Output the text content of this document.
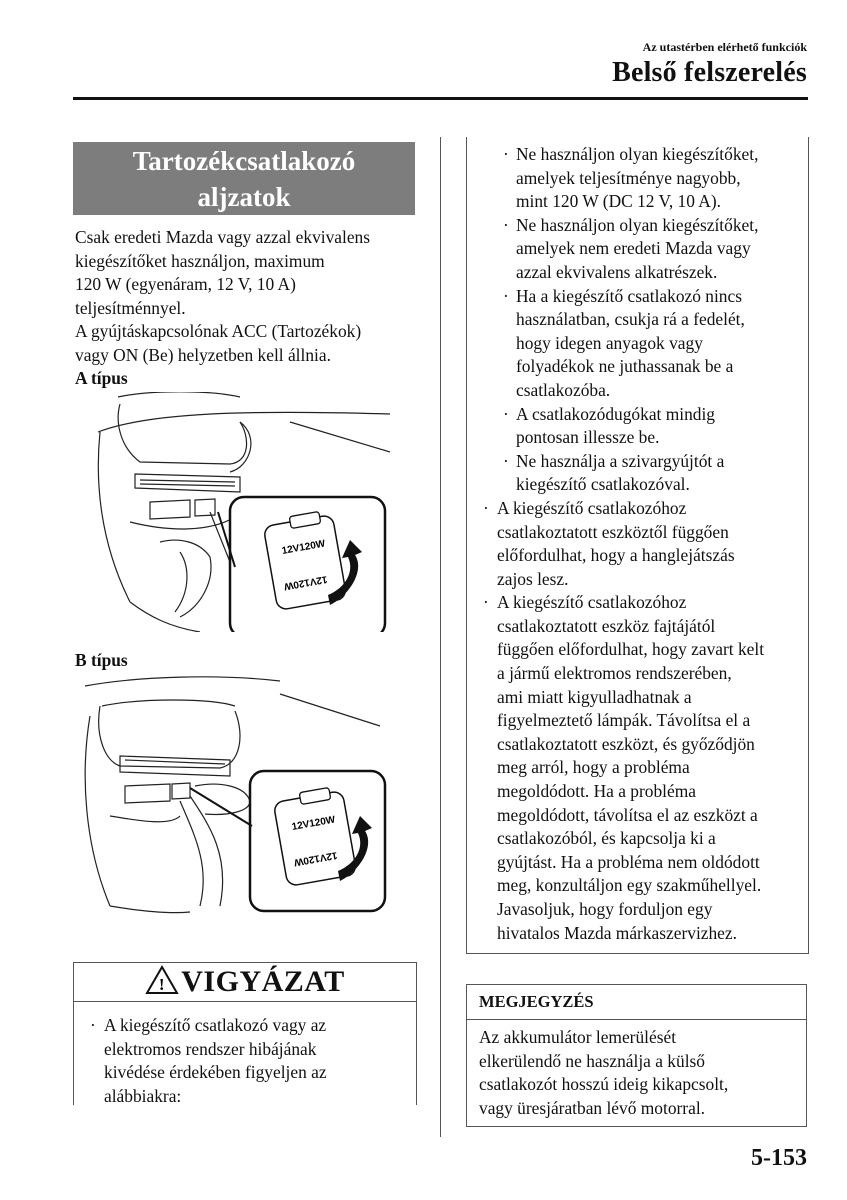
Az utastérben elérhető funkciók
Belső felszerelés
Tartozékcsatlakozó
aljzatok
Csak eredeti Mazda vagy azzal ekvivalens
kiegészítőket használjon, maximum
120 W (egyenáram, 12 V, 10 A)
teljesítménnyel.
A gyújtáskapcsolónak ACC (Tartozékok)
vagy ON (Be) helyzetben kell állnia.
A típus
12V120W
12V120W
B típus
12V120W
12V120W
! VIGYÁZAT
· A kiegészítő csatlakozó vagy az
elektromos rendszer hibájának
kivédése érdekében figyeljen az
alábbiakra:
· Ne használjon olyan kiegészítőket,
amelyek teljesítménye nagyobb,
mint 120 W (DC 12 V, 10 A).
· Ne használjon olyan kiegészítőket,
amelyek nem eredeti Mazda vagy
azzal ekvivalens alkatrészek.
· Ha a kiegészítő csatlakozó nincs
használatban, csukja rá a fedelét,
hogy idegen anyagok vagy
folyadékok ne juthassanak be a
csatlakozóba.
· A csatlakozódugókat mindig
pontosan illessze be.
· Ne használja a szivargyújtót a
kiegészítő csatlakozóval.
· A kiegészítő csatlakozóhoz
csatlakoztatott eszköztől függően
előfordulhat, hogy a hanglejátszás
zajos lesz.
· A kiegészítő csatlakozóhoz
csatlakoztatott eszköz fajtájától
függően előfordulhat, hogy zavart kelt
a jármű elektromos rendszerében,
ami miatt kigyulladhatnak a
figyelmeztető lámpák. Távolítsa el a
csatlakoztatott eszközt, és győződjön
meg arról, hogy a probléma
megoldódott. Ha a probléma
megoldódott, távolítsa el az eszközt a
csatlakozóból, és kapcsolja ki a
gyújtást. Ha a probléma nem oldódott
meg, konzultáljon egy szakműhellyel.
Javasoljuk, hogy forduljon egy
hivatalos Mazda márkaszervizhez.
MEGJEGYZÉS
Az akkumulátor lemerülését
elkerülendő ne használja a külső
csatlakozót hosszú ideig kikapcsolt,
vagy üresjáratban lévő motorral.
5-153
